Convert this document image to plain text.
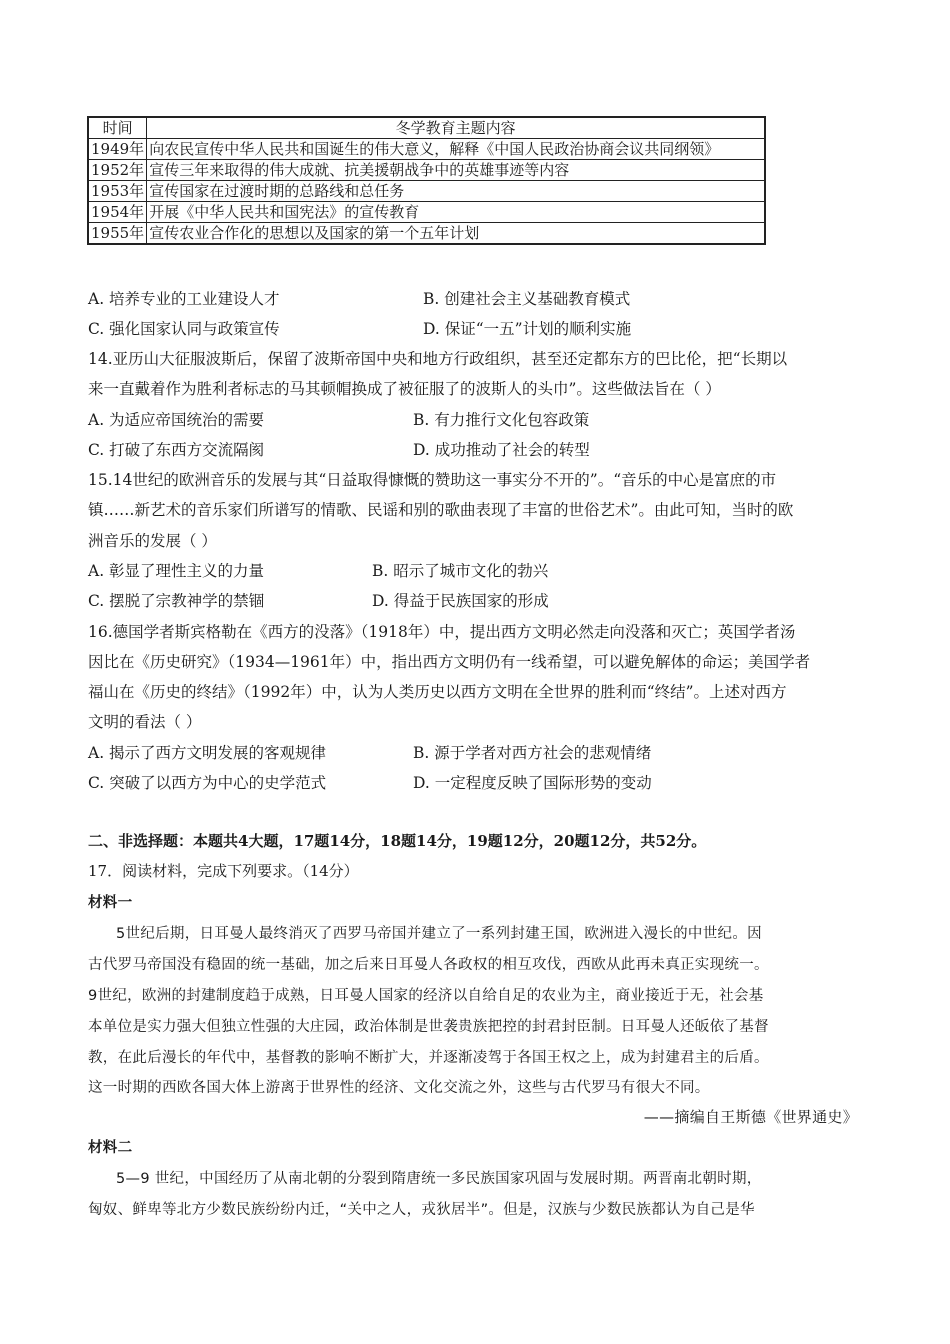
时间	冬学教育主题内容
1949年	向农民宣传中华人民共和国诞生的伟大意义，解释《中国人民政治协商会议共同纲领》
1952年	宣传三年来取得的伟大成就、抗美援朝战争中的英雄事迹等内容
1953年	宣传国家在过渡时期的总路线和总任务
1954年	开展《中华人民共和国宪法》的宣传教育
1955年	宣传农业合作化的思想以及国家的第一个五年计划
A. 培养专业的工业建设人才	B. 创建社会主义基础教育模式
C. 强化国家认同与政策宣传	D. 保证“一五”计划的顺利实施
14.亚历山大征服波斯后，保留了波斯帝国中央和地方行政组织，甚至还定都东方的巴比伦，把“长期以
来一直戴着作为胜利者标志的马其顿帽换成了被征服了的波斯人的头巾”。这些做法旨在（ ）
A. 为适应帝国统治的需要	B. 有力推行文化包容政策
C. 打破了东西方交流隔阂	D. 成功推动了社会的转型
15.14世纪的欧洲音乐的发展与其“日益取得慷慨的赞助这一事实分不开的”。“音乐的中心是富庶的市
镇……新艺术的音乐家们所谱写的情歌、民谣和别的歌曲表现了丰富的世俗艺术”。由此可知，当时的欧
洲音乐的发展（ ）
A. 彰显了理性主义的力量	B. 昭示了城市文化的勃兴
C. 摆脱了宗教神学的禁锢	D. 得益于民族国家的形成
16.德国学者斯宾格勒在《西方的没落》（1918年）中，提出西方文明必然走向没落和灭亡；英国学者汤
因比在《历史研究》（1934—1961年）中，指出西方文明仍有一线希望，可以避免解体的命运；美国学者
福山在《历史的终结》（1992年）中，认为人类历史以西方文明在全世界的胜利而“终结”。上述对西方
文明的看法（ ）
A. 揭示了西方文明发展的客观规律	B. 源于学者对西方社会的悲观情绪
C. 突破了以西方为中心的史学范式	D. 一定程度反映了国际形势的变动
二、非选择题：本题共4大题，17题14分，18题14分，19题12分，20题12分，共52分。
17．阅读材料，完成下列要求。（14分）
材料一
5世纪后期，日耳曼人最终消灭了西罗马帝国并建立了一系列封建王国，欧洲进入漫长的中世纪。因
古代罗马帝国没有稳固的统一基础，加之后来日耳曼人各政权的相互攻伐，西欧从此再未真正实现统一。
9世纪，欧洲的封建制度趋于成熟，日耳曼人国家的经济以自给自足的农业为主，商业接近于无，社会基
本单位是实力强大但独立性强的大庄园，政治体制是世袭贵族把控的封君封臣制。日耳曼人还皈依了基督
教，在此后漫长的年代中，基督教的影响不断扩大，并逐渐凌驾于各国王权之上，成为封建君主的后盾。
这一时期的西欧各国大体上游离于世界性的经济、文化交流之外，这些与古代罗马有很大不同。
——摘编自王斯德《世界通史》
材料二
5—9 世纪，中国经历了从南北朝的分裂到隋唐统一多民族国家巩固与发展时期。两晋南北朝时期，
匈奴、鲜卑等北方少数民族纷纷内迁，“关中之人，戎狄居半”。但是，汉族与少数民族都认为自己是华
